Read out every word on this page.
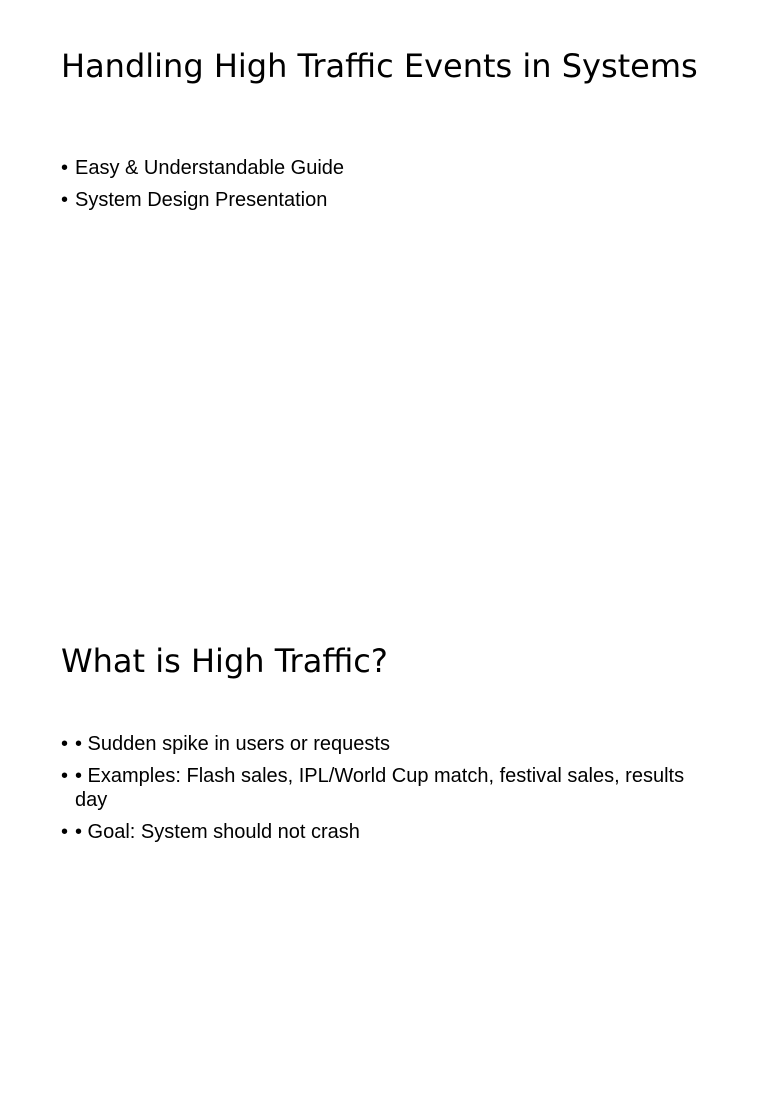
Handling High Traffic Events in Systems
• Easy & Understandable Guide
• System Design Presentation
What is High Traffic?
• • Sudden spike in users or requests
• • Examples: Flash sales, IPL/World Cup match, festival sales, results day
• • Goal: System should not crash
